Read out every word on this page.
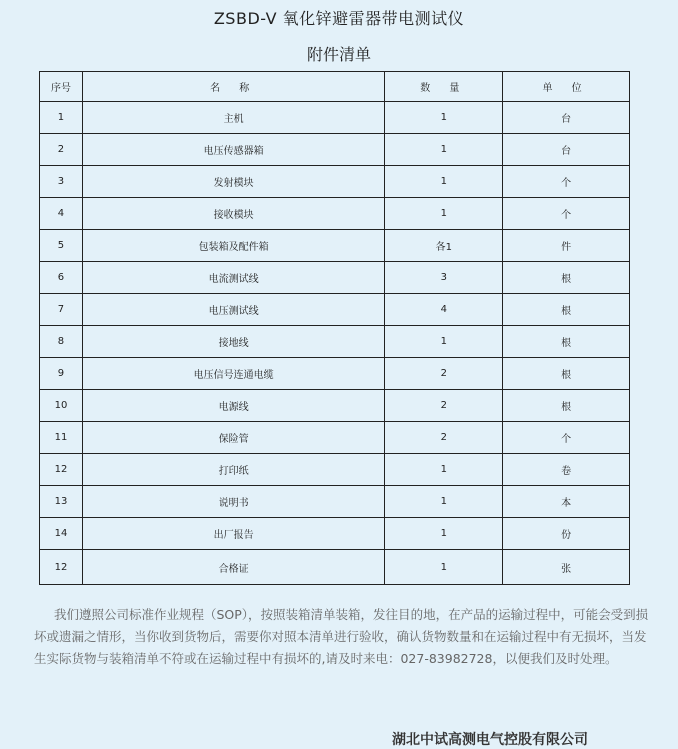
ZSBD-V 氧化锌避雷器带电测试仪
附件清单
序号	名 称	数 量	单 位
1	主机	1	台
2	电压传感器箱	1	台
3	发射模块	1	个
4	接收模块	1	个
5	包装箱及配件箱	各1	件
6	电流测试线	3	根
7	电压测试线	4	根
8	接地线	1	根
9	电压信号连通电缆	2	根
10	电源线	2	根
11	保险管	2	个
12	打印纸	1	卷
13	说明书	1	本
14	出厂报告	1	份
12	合格证	1	张
我们遵照公司标准作业规程（SOP），按照装箱清单装箱，发往目的地，在产品的运输过程中，可能会受到损坏或遗漏之情形，当你收到货物后，需要你对照本清单进行验收，确认货物数量和在运输过程中有无损坏，当发生实际货物与装箱清单不符或在运输过程中有损坏的,请及时来电：027-83982728，以便我们及时处理。
湖北中试高测电气控股有限公司
